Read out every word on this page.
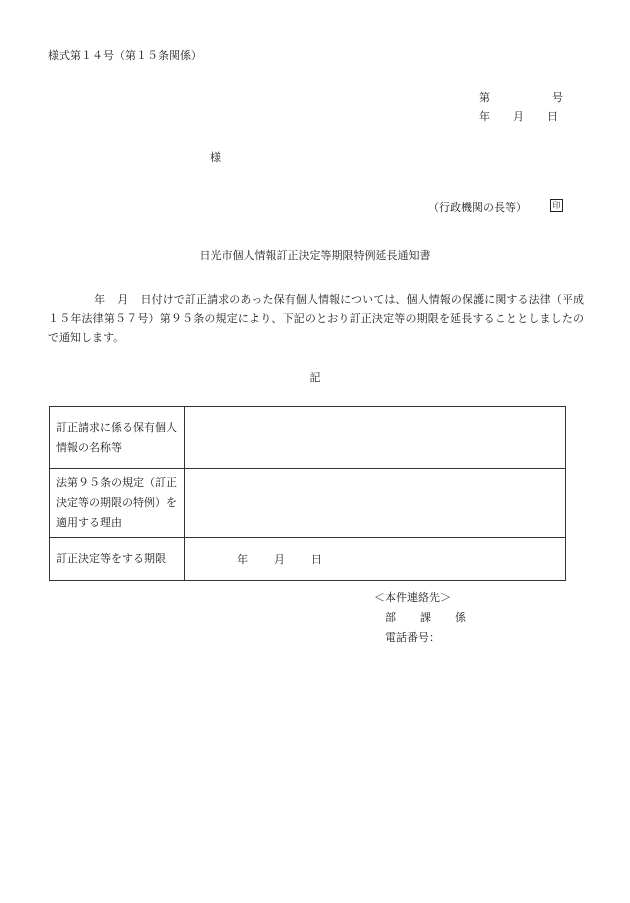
様式第１４号（第１５条関係）
第	号
年 月 日
様
（行政機関の長等）	印
日光市個人情報訂正決定等期限特例延長通知書
年 月 日付けで訂正請求のあった保有個人情報については、個人情報の保護に関する法律（平成１５年法律第５７号）第９５条の規定により、下記のとおり訂正決定等の期限を延長することとしましたので通知します。
記
訂正請求に係る保有個人情報の名称等	
法第９５条の規定（訂正決定等の期限の特例）を適用する理由	
訂正決定等をする期限	年 月 日
＜本件連絡先＞
部 課 係
電話番号：
